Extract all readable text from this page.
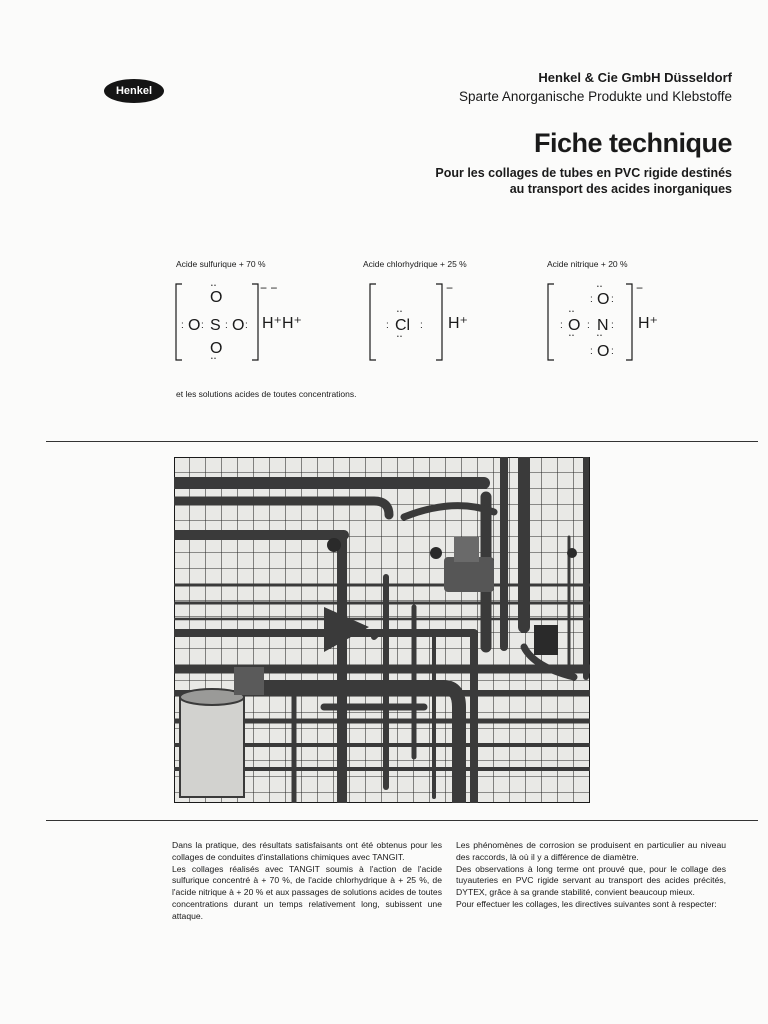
Henkel
Henkel & Cie GmbH Düsseldorf
Sparte Anorganische Produkte und Klebstoffe
Fiche technique
Pour les collages de tubes en PVC rigide destinés
au transport des acides inorganiques
Acide sulfurique + 70 %	Acide chlorhydrique + 25 %	Acide nitrique + 20 %
− −
• •
• •
O
S
O
O O
: : : : H⁺H⁺
−
• •
• •
Cl
:	: H⁺
−
• •
• •
• •
• •
O
O N
O
: :
: : :
: :
H⁺
et les solutions acides de toutes concentrations.

Dans la pratique, des résultats satisfaisants ont été obtenus pour les collages de conduites d'installations chimiques avec TANGIT.

Les collages réalisés avec TANGIT soumis à l'action de l'acide sulfurique concentré à + 70 %, de l'acide chlorhydrique à + 25 %, de l'acide nitrique à + 20 % et aux passages de solutions acides de toutes concentrations durant un temps relativement long, subissent une attaque.

Les phénomènes de corrosion se produisent en particulier au niveau des raccords, là où il y a différence de diamètre.

Des observations à long terme ont prouvé que, pour le collage des tuyauteries en PVC rigide servant au transport des acides précités, DYTEX, grâce à sa grande stabilité, convient beaucoup mieux.

Pour effectuer les collages, les directives suivantes sont à respecter:
